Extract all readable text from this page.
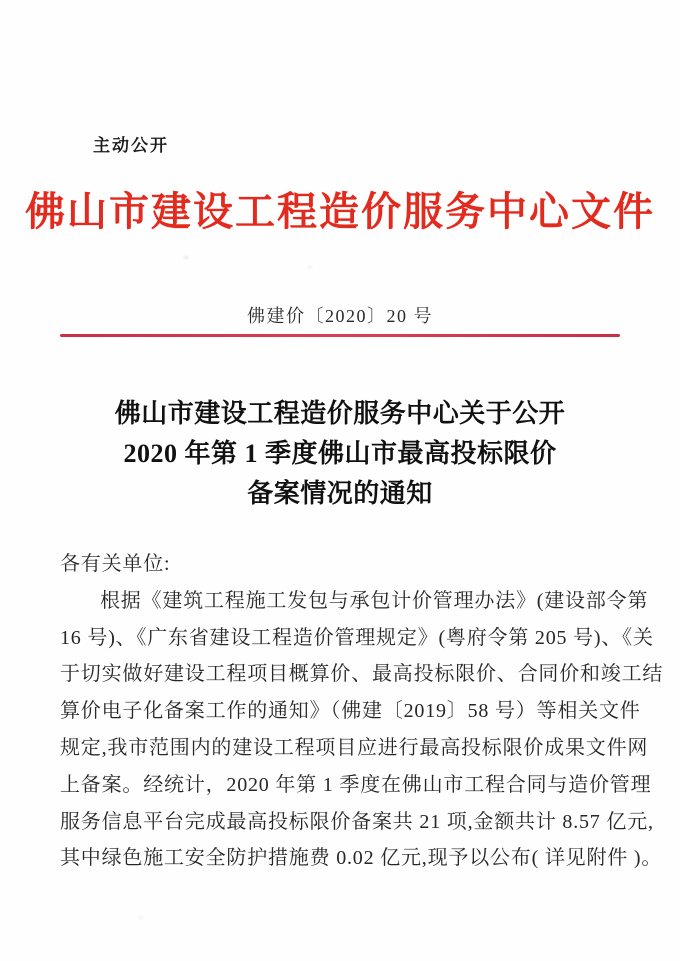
主动公开
佛山市建设工程造价服务中心文件
佛建价〔2020〕20 号
佛山市建设工程造价服务中心关于公开
2020 年第 1 季度佛山市最高投标限价
备案情况的通知
各有关单位:
根据《建筑工程施工发包与承包计价管理办法》(建设部令第
16 号)、《广东省建设工程造价管理规定》(粤府令第 205 号)、《关
于切实做好建设工程项目概算价、最高投标限价、合同价和竣工结
算价电子化备案工作的通知》（佛建〔2019〕58 号）等相关文件
规定,我市范围内的建设工程项目应进行最高投标限价成果文件网
上备案。经统计，2020 年第 1 季度在佛山市工程合同与造价管理
服务信息平台完成最高投标限价备案共 21 项,金额共计 8.57 亿元,
其中绿色施工安全防护措施费 0.02 亿元,现予以公布( 详见附件 )。
